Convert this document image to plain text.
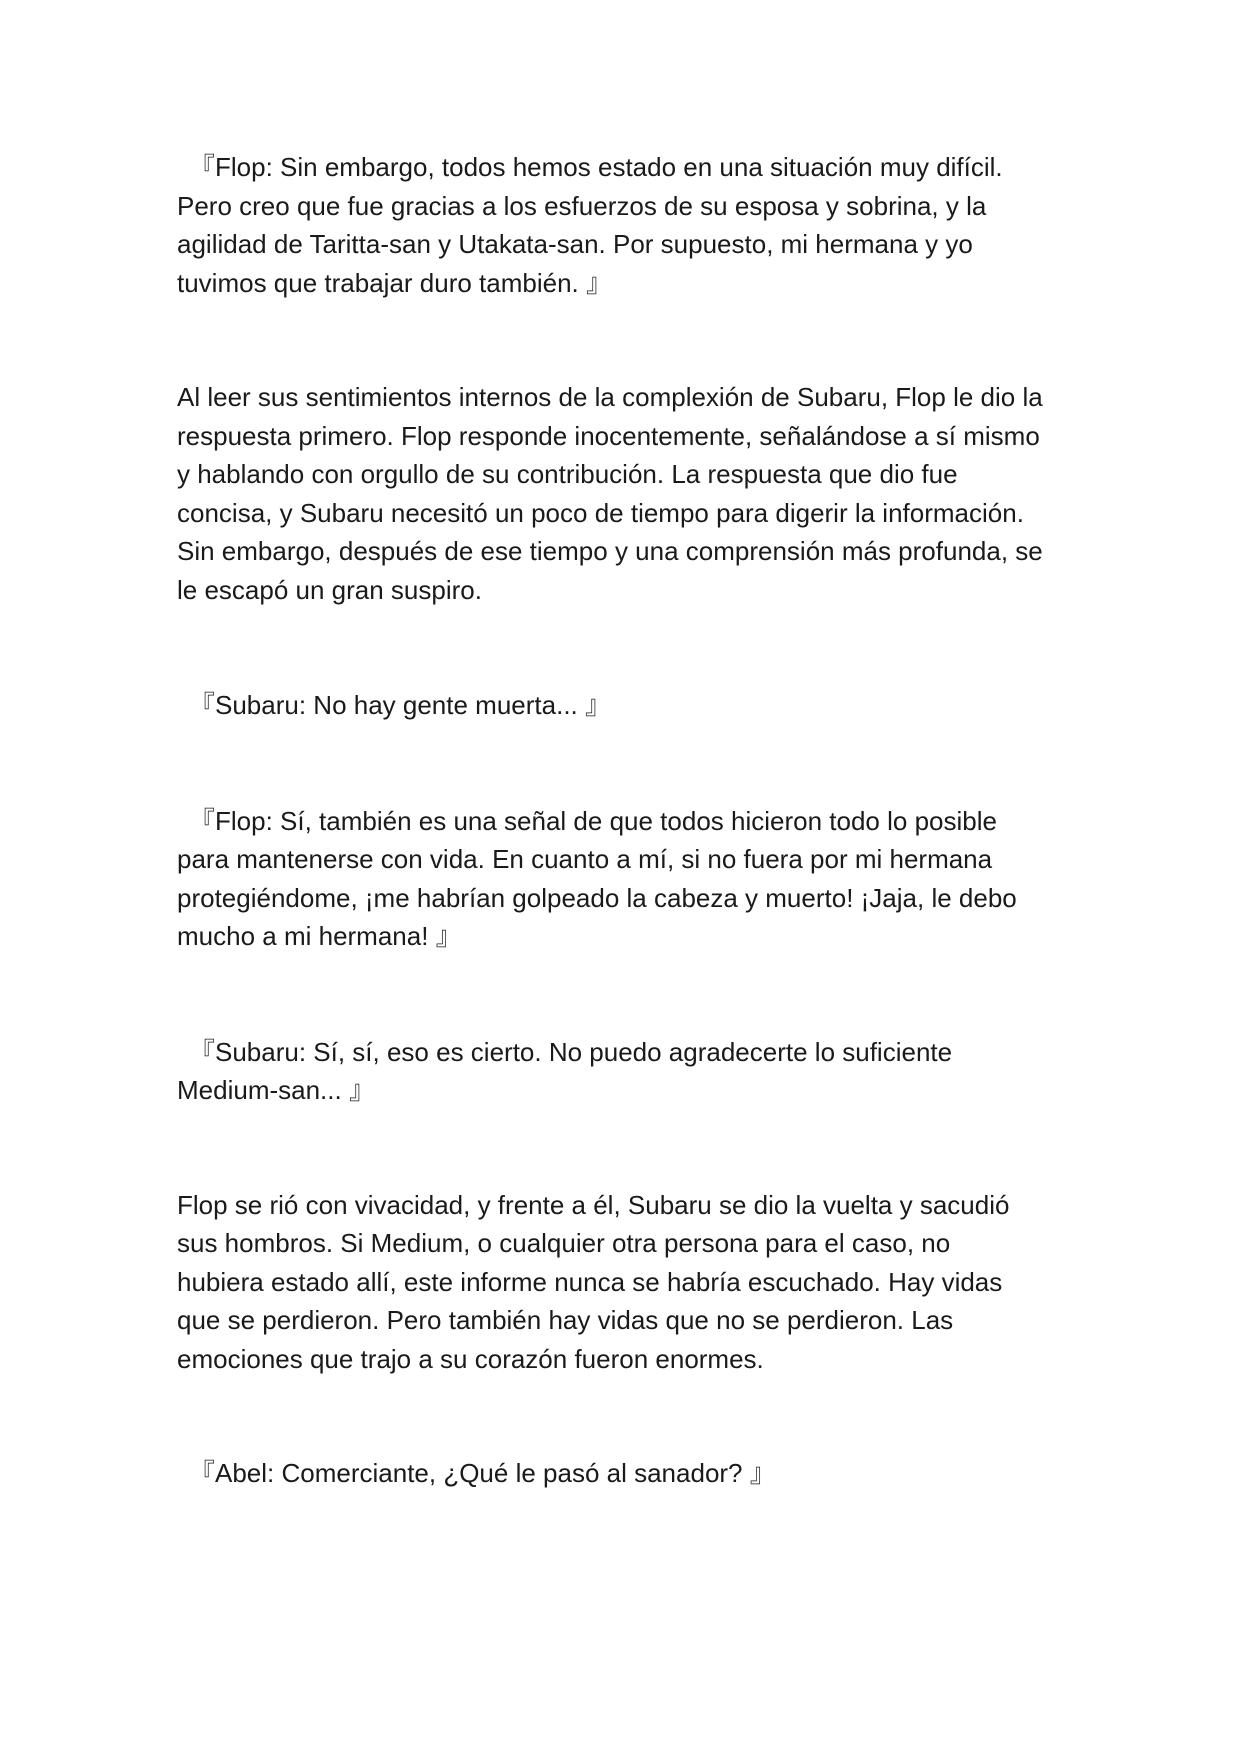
『Flop: Sin embargo, todos hemos estado en una situación muy difícil.
Pero creo que fue gracias a los esfuerzos de su esposa y sobrina, y la
agilidad de Taritta-san y Utakata-san. Por supuesto, mi hermana y yo
tuvimos que trabajar duro también. 』

Al leer sus sentimientos internos de la complexión de Subaru, Flop le dio la
respuesta primero. Flop responde inocentemente, señalándose a sí mismo
y hablando con orgullo de su contribución. La respuesta que dio fue
concisa, y Subaru necesitó un poco de tiempo para digerir la información.
Sin embargo, después de ese tiempo y una comprensión más profunda, se
le escapó un gran suspiro.

『Subaru: No hay gente muerta... 』

『Flop: Sí, también es una señal de que todos hicieron todo lo posible
para mantenerse con vida. En cuanto a mí, si no fuera por mi hermana
protegiéndome, ¡me habrían golpeado la cabeza y muerto! ¡Jaja, le debo
mucho a mi hermana! 』

『Subaru: Sí, sí, eso es cierto. No puedo agradecerte lo suficiente
Medium-san... 』

Flop se rió con vivacidad, y frente a él, Subaru se dio la vuelta y sacudió
sus hombros. Si Medium, o cualquier otra persona para el caso, no
hubiera estado allí, este informe nunca se habría escuchado. Hay vidas
que se perdieron. Pero también hay vidas que no se perdieron. Las
emociones que trajo a su corazón fueron enormes.

『Abel: Comerciante, ¿Qué le pasó al sanador? 』
